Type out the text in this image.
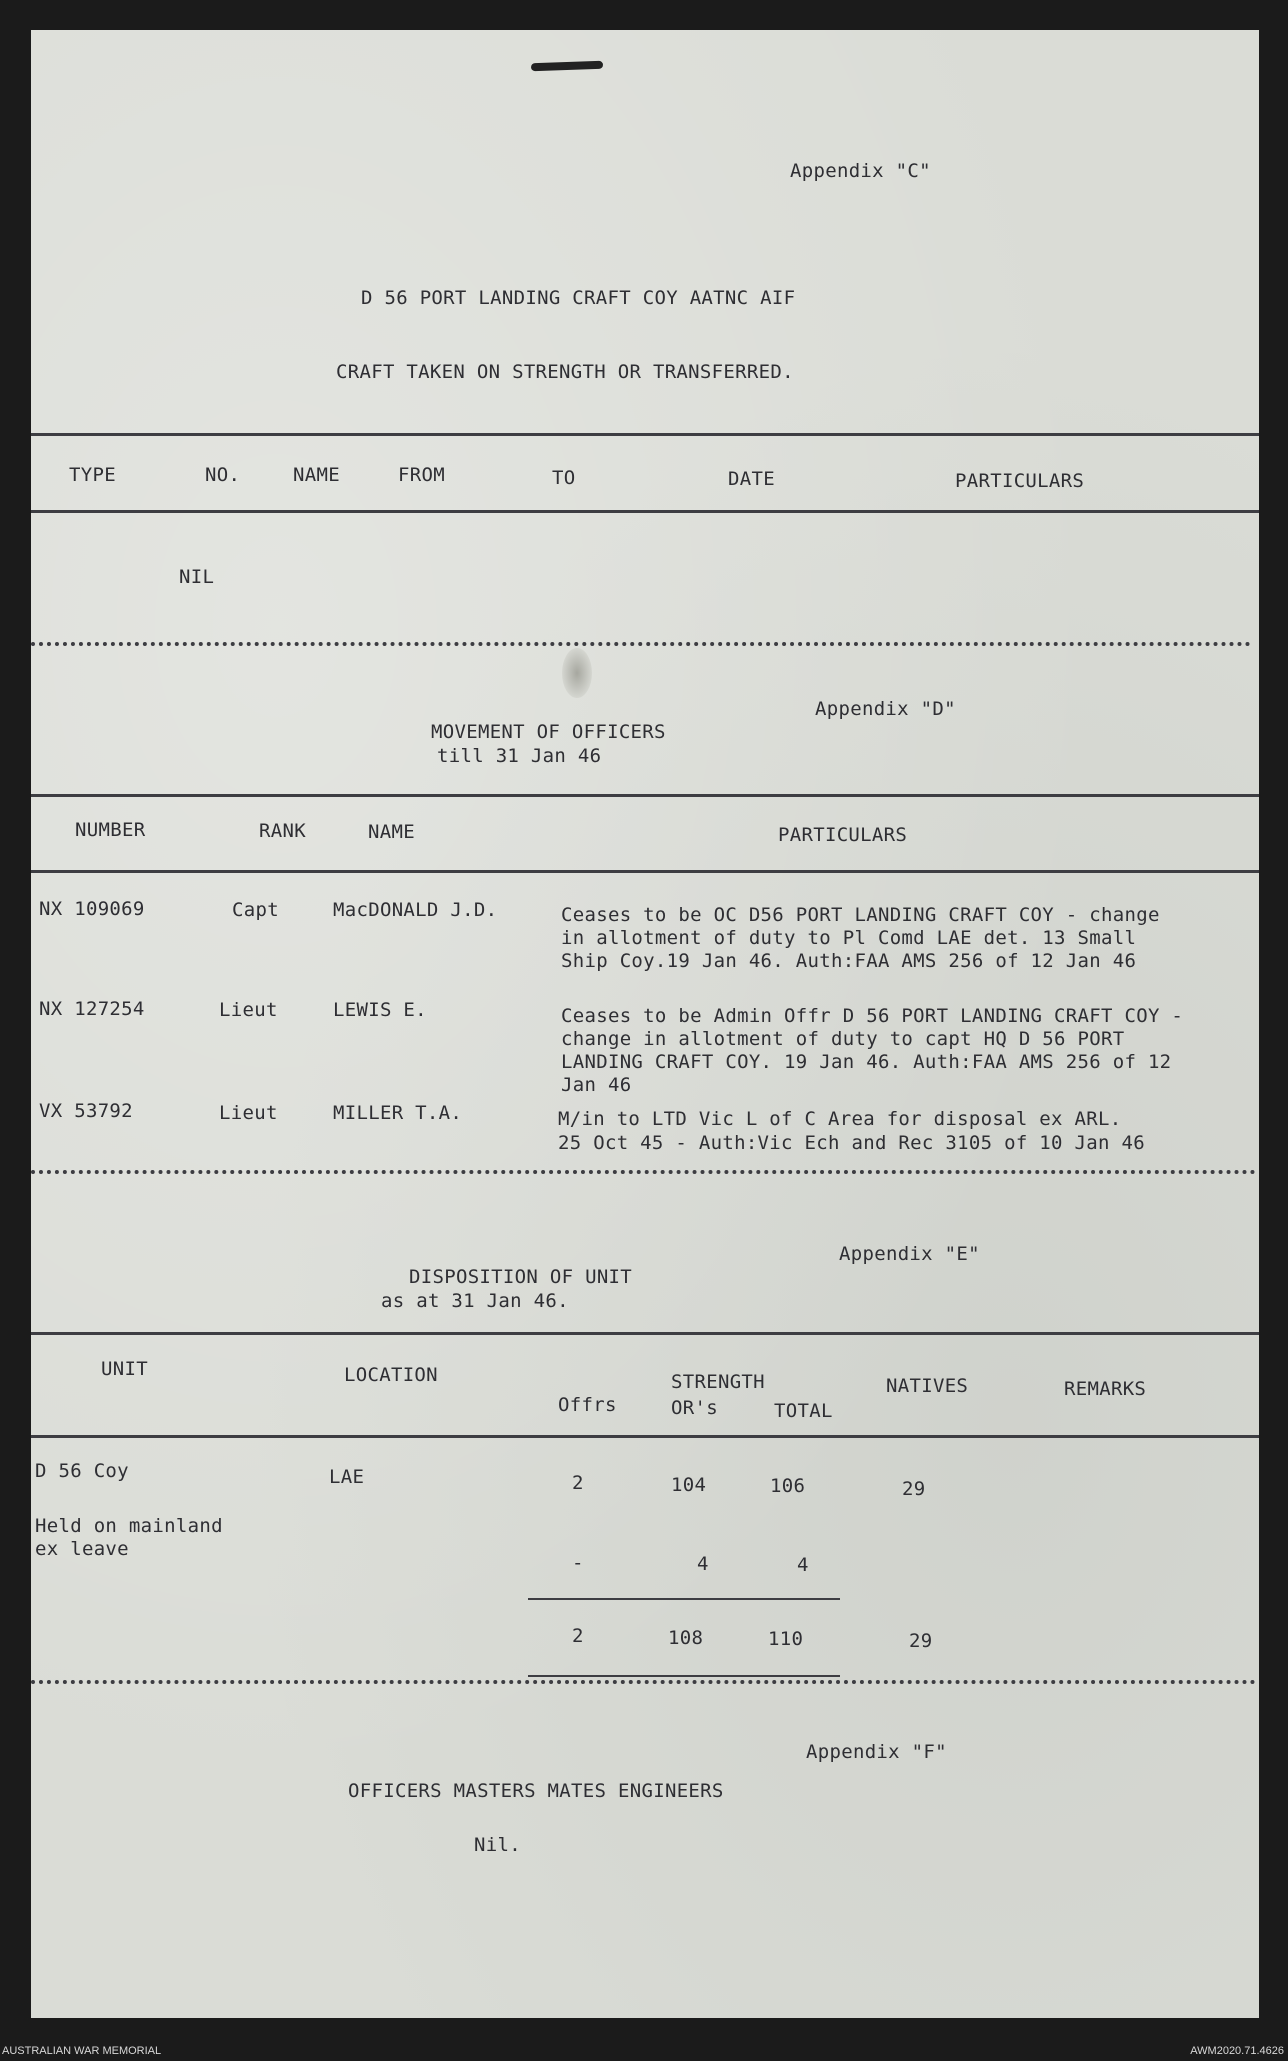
Appendix "C"
D 56 PORT LANDING CRAFT COY AATNC AIF
CRAFT TAKEN ON STRENGTH OR TRANSFERRED.
TYPE	NO.	NAME	FROM	TO	DATE	PARTICULARS
NIL
Appendix "D"
MOVEMENT OF OFFICERS
till 31 Jan 46
NUMBER	RANK	NAME	PARTICULARS
NX 109069	Capt	MacDONALD J.D.	Ceases to be OC D56 PORT LANDING CRAFT COY - change
in allotment of duty to Pl Comd LAE det. 13 Small
Ship Coy.19 Jan 46. Auth:FAA AMS 256 of 12 Jan 46
NX 127254	Lieut	LEWIS E.	Ceases to be Admin Offr D 56 PORT LANDING CRAFT COY -
change in allotment of duty to capt HQ D 56 PORT
LANDING CRAFT COY. 19 Jan 46. Auth:FAA AMS 256 of 12
Jan 46
VX 53792	Lieut	MILLER T.A.	M/in to LTD Vic L of C Area for disposal ex ARL.
25 Oct 45 - Auth:Vic Ech and Rec 3105 of 10 Jan 46
Appendix "E"
DISPOSITION OF UNIT
as at 31 Jan 46.
UNIT	LOCATION	STRENGTH	NATIVES	REMARKS
Offrs	OR's	TOTAL
D 56 Coy	LAE	2	104	106	29
Held on mainland
ex leave
-	4	4
2	108	110	29
Appendix "F"
OFFICERS MASTERS MATES ENGINEERS
Nil.
AUSTRALIAN WAR MEMORIAL	AWM2020.71.4626
